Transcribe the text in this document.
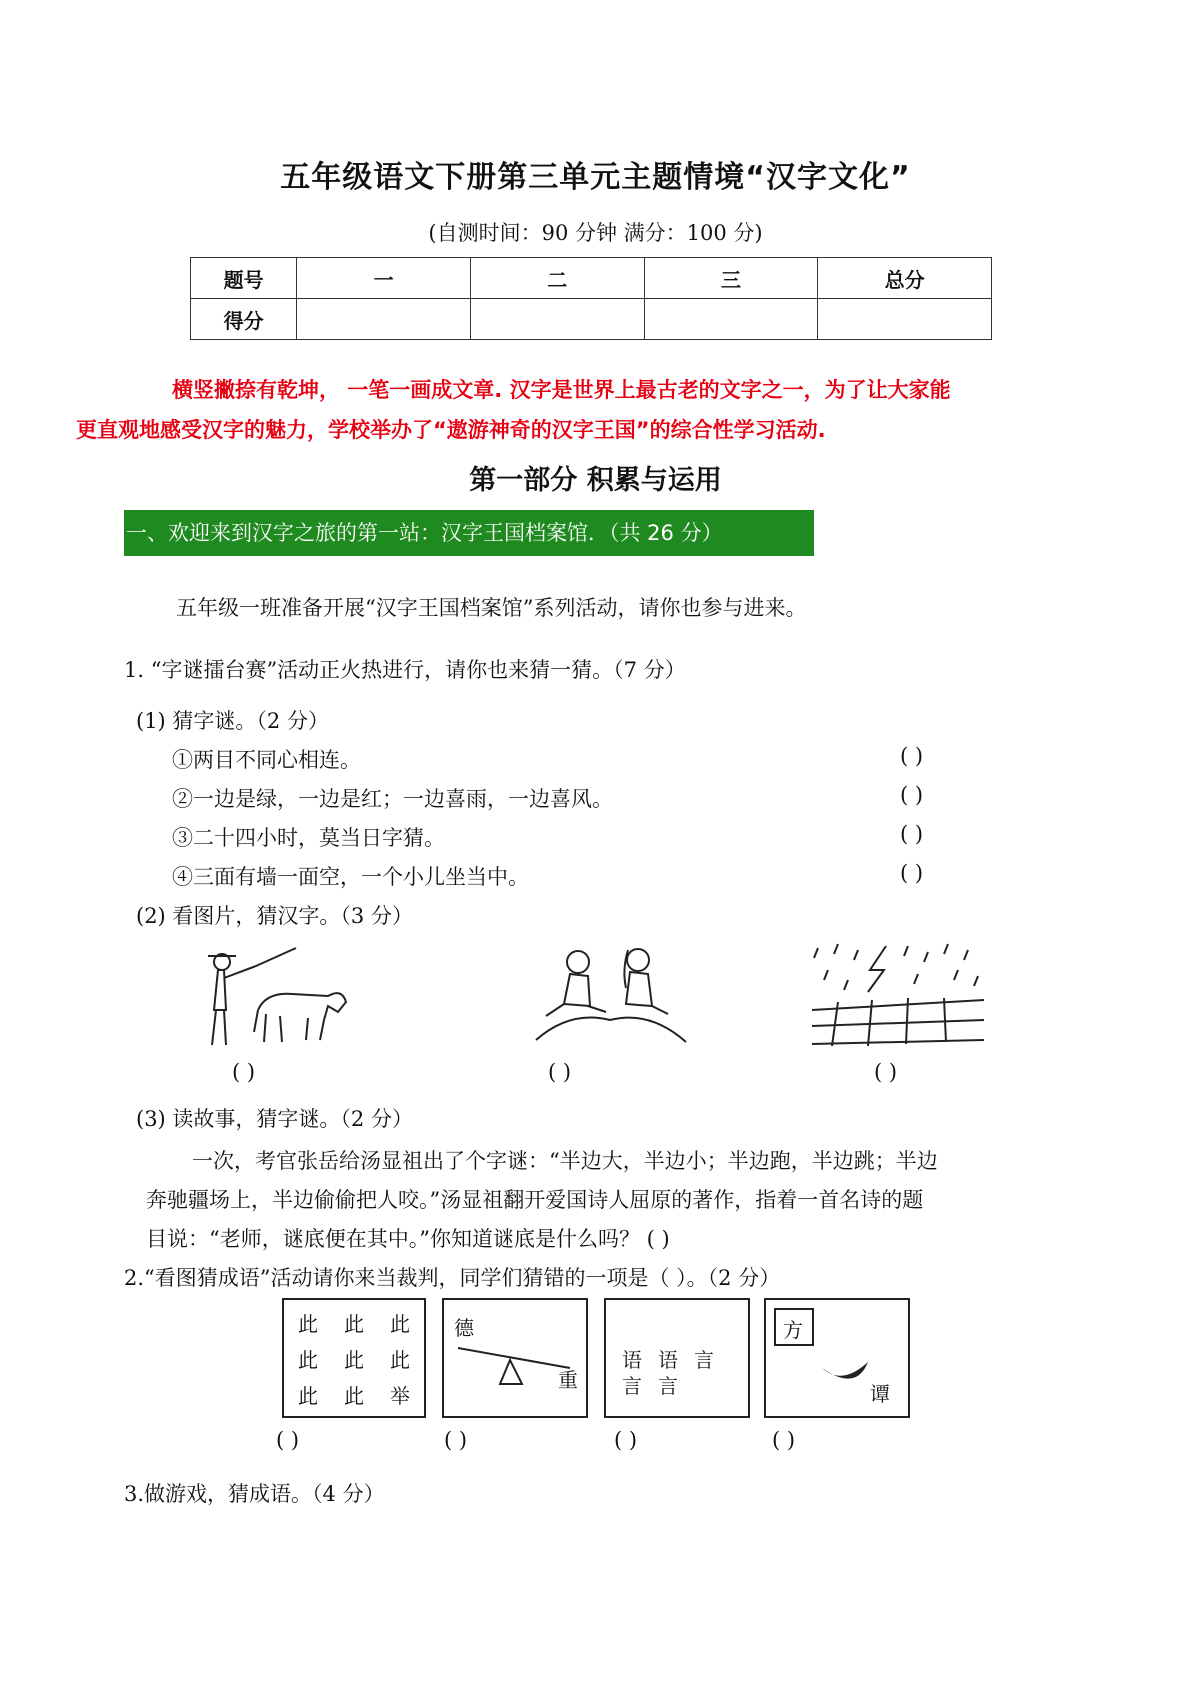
五年级语文下册第三单元主题情境“汉字文化”
(自测时间：90 分钟 满分：100 分)
题号	一	二	三	总分
得分				
横竖撇捺有乾坤， 一笔一画成文章. 汉字是世界上最古老的文字之一，为了让大家能
更直观地感受汉字的魅力，学校举办了“遨游神奇的汉字王国”的综合性学习活动.
第一部分 积累与运用
一、欢迎来到汉字之旅的第一站：汉字王国档案馆．（共 26 分）
五年级一班准备开展“汉字王国档案馆”系列活动，请你也参与进来。
1. “字谜擂台赛”活动正火热进行，请你也来猜一猜。（7 分）
(1) 猜字谜。（2 分）
①两目不同心相连。
②一边是绿，一边是红；一边喜雨，一边喜风。
③二十四小时，莫当日字猜。
④三面有墙一面空，一个小儿坐当中。
( )
( )
( )
( )
(2) 看图片，猜汉字。（3 分）
( )	( )	( )
(3) 读故事，猜字谜。（2 分）
一次，考官张岳给汤显祖出了个字谜：“半边大，半边小；半边跑，半边跳；半边
奔驰疆场上，半边偷偷把人咬。”汤显祖翻开爱国诗人屈原的著作，指着一首名诗的题
目说：“老师，谜底便在其中。”你知道谜底是什么吗？ ( )
2.“看图猜成语”活动请你来当裁判，同学们猜错的一项是（ ）。（2 分）
此 此 此
此 此 此
此 此 举
德
重
语 语 言
言 言
方
谭
( )	( )	( )	( )
3.做游戏，猜成语。（4 分）
